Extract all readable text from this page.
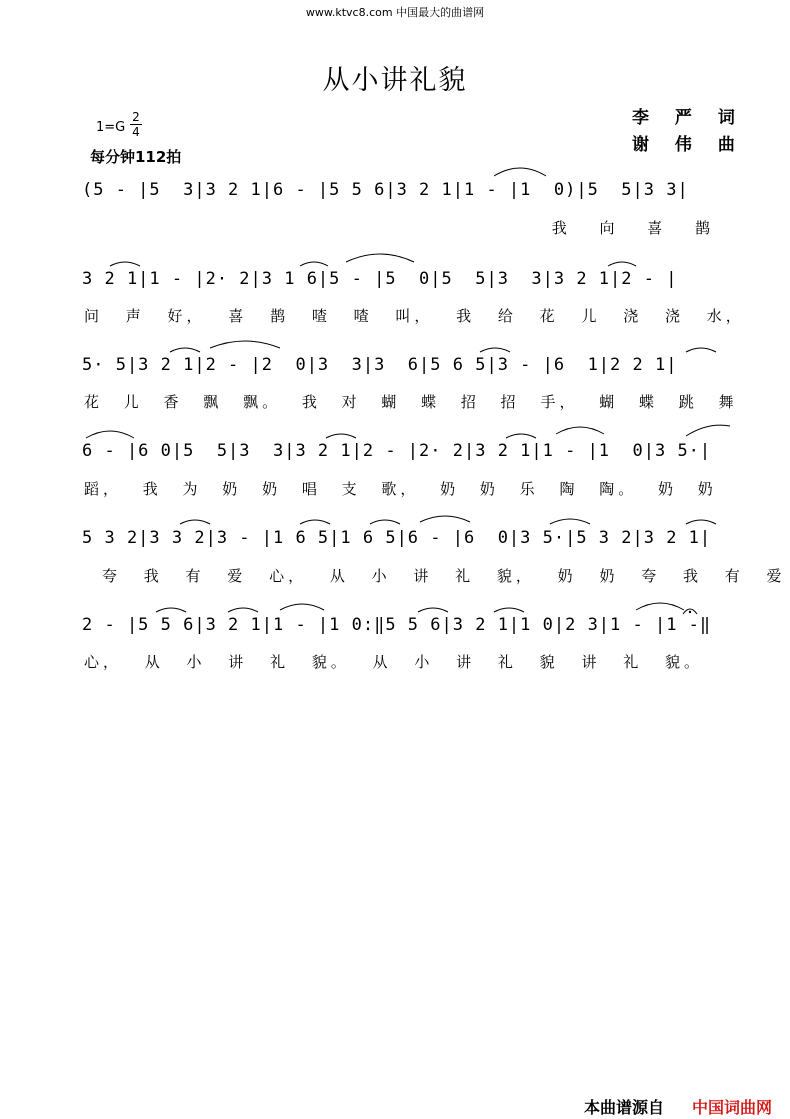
www.ktvc8.com 中国最大的曲谱网
从小讲礼貌
1=G
2
4
每分钟112拍
李 严 词
谢 伟 曲
(5 - |5  3|3 2 1|6 - |5 5 6|3 2 1|1 - |1  0)|5  5|3 3|
我 向 喜 鹊
3 2 1|1 - |2· 2|3 1 6|5 - |5  0|5  5|3  3|3 2 1|2 - |
问 声 好， 喜 鹊 喳 喳 叫， 我 给 花 儿 浇 浇 水，
5· 5|3 2 1|2 - |2  0|3  3|3  6|5 6 5|3 - |6  1|2 2 1|
花 儿 香 飘 飘。 我 对 蝴 蝶 招 招 手， 蝴 蝶 跳 舞
6 - |6 0|5  5|3  3|3 2 1|2 - |2· 2|3 2 1|1 - |1  0|3 5·|
蹈， 我 为 奶 奶 唱 支 歌， 奶 奶 乐 陶 陶。 奶 奶
5 3 2|3 3 2|3 - |1 6 5|1 6 5|6 - |6  0|3 5·|5 3 2|3 2 1|
夸 我 有 爱 心， 从 小 讲 礼 貌， 奶 奶 夸 我 有 爱
2 - |5 5 6|3 2 1|1 - |1 0:‖5 5 6|3 2 1|1 0|2 3|1 - |1 -‖
心， 从 小 讲 礼 貌。 从 小 讲 礼 貌 讲 礼 貌。
本曲谱源自 中国词曲网
